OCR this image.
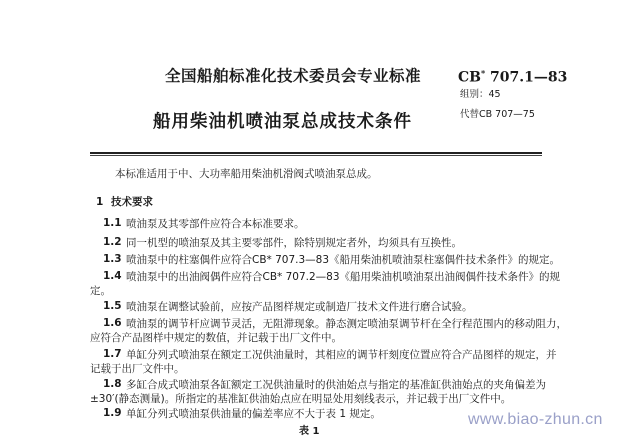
全国船舶标准化技术委员会专业标准
船用柴油机喷油泵总成技术条件
CB* 707.1—83
组别：45
代替CB 707—75
本标准适用于中、大功率船用柴油机滑阀式喷油泵总成。
1 技术要求
1.1 喷油泵及其零部件应符合本标准要求。
1.2 同一机型的喷油泵及其主要零部件，除特别规定者外，均须具有互换性。
1.3 喷油泵中的柱塞偶件应符合CB* 707.3—83《船用柴油机喷油泵柱塞偶件技术条件》的规定。
1.4 喷油泵中的出油阀偶件应符合CB* 707.2—83《船用柴油机喷油泵出油阀偶件技术条件》的规
定。
1.5 喷油泵在调整试验前，应按产品图样规定或制造厂技术文件进行磨合试验。
1.6 喷油泵的调节杆应调节灵活，无阻滞现象。静态测定喷油泵调节杆在全行程范围内的移动阻力，
应符合产品图样中规定的数值，并记载于出厂文件中。
1.7 单缸分列式喷油泵在额定工况供油量时，其相应的调节杆刻度位置应符合产品图样的规定，并
记载于出厂文件中。
1.8 多缸合成式喷油泵各缸额定工况供油量时的供油始点与指定的基准缸供油始点的夹角偏差为
±30′(静态测量)。所指定的基准缸供油始点应在明显处用刻线表示，并记载于出厂文件中。
1.9 单缸分列式喷油泵供油量的偏差率应不大于表 1 规定。
表 1
www.biao-zhun.cn
